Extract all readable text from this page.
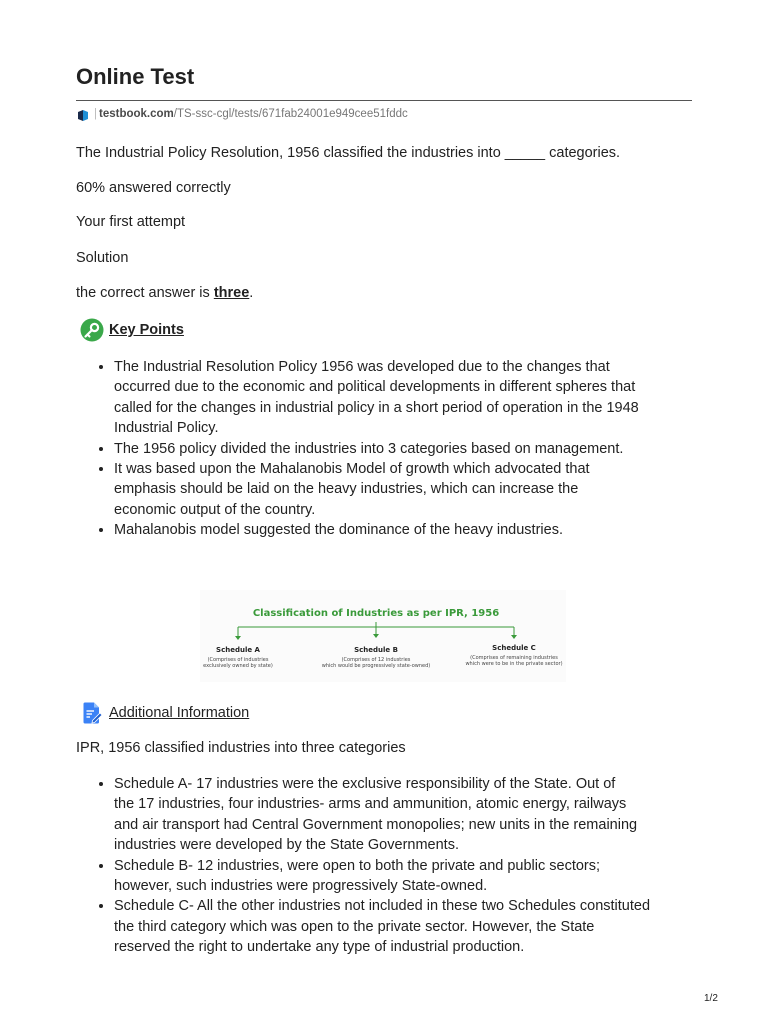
Online Test
| testbook.com /TS-ssc-cgl/tests/671fab24001e949cee51fddc
The Industrial Policy Resolution, 1956 classified the industries into _____ categories.
60% answered correctly
Your first attempt
Solution
the correct answer is three.
Key Points
• The Industrial Resolution Policy 1956 was developed due to the changes that
occurred due to the economic and political developments in different spheres that
called for the changes in industrial policy in a short period of operation in the 1948
Industrial Policy.
• The 1956 policy divided the industries into 3 categories based on management.
• It was based upon the Mahalanobis Model of growth which advocated that
emphasis should be laid on the heavy industries, which can increase the
economic output of the country.
• Mahalanobis model suggested the dominance of the heavy industries.
Classification of Industries as per IPR, 1956
Schedule A
(Comprises of industries
exclusively owned by state)
Schedule B
(Comprises of 12 industries
which would be progressively state-owned)
Schedule C
(Comprises of remaining industries
which were to be in the private sector)
Additional Information
IPR, 1956 classified industries into three categories
• Schedule A- 17 industries were the exclusive responsibility of the State. Out of
the 17 industries, four industries- arms and ammunition, atomic energy, railways
and air transport had Central Government monopolies; new units in the remaining
industries were developed by the State Governments.
• Schedule B- 12 industries, were open to both the private and public sectors;
however, such industries were progressively State-owned.
• Schedule C- All the other industries not included in these two Schedules constituted
the third category which was open to the private sector. However, the State
reserved the right to undertake any type of industrial production.
1/2
